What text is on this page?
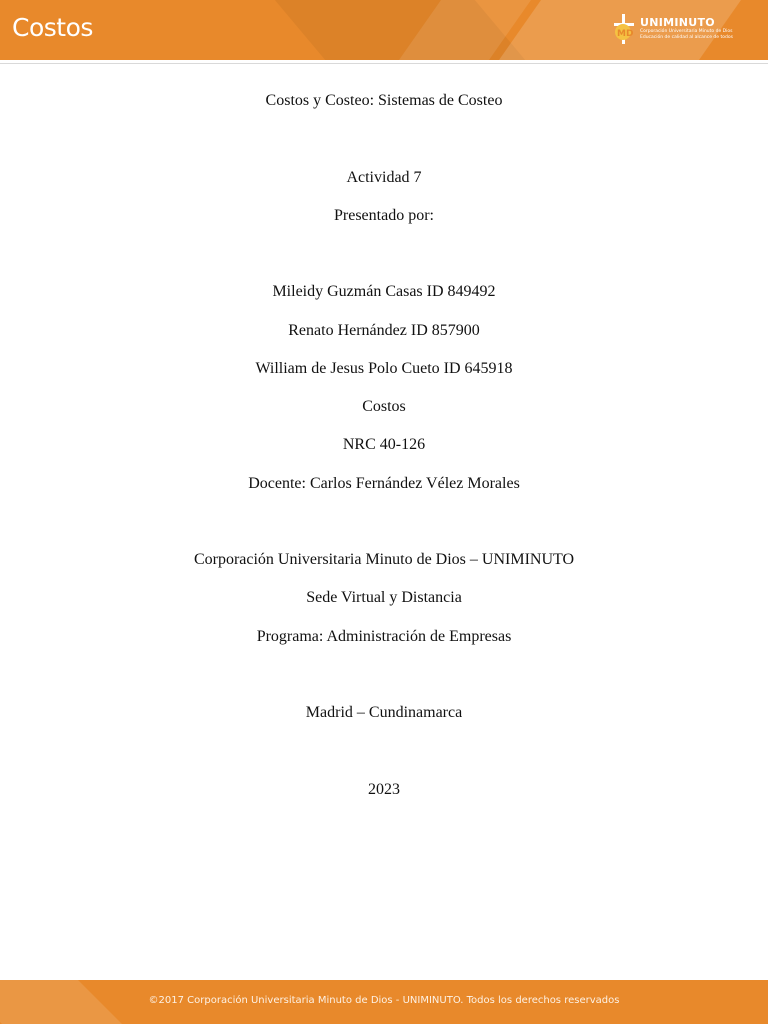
Costos	MD
UNIMINUTO
Corporación Universitaria Minuto de Dios
Educación de calidad al alcance de todos

Costos y Costeo: Sistemas de Costeo

Actividad 7

Presentado por:

Mileidy Guzmán Casas ID 849492

Renato Hernández ID 857900

William de Jesus Polo Cueto ID 645918

Costos

NRC 40-126

Docente: Carlos Fernández Vélez Morales

Corporación Universitaria Minuto de Dios – UNIMINUTO

Sede Virtual y Distancia

Programa: Administración de Empresas

Madrid – Cundinamarca

2023

©2017 Corporación Universitaria Minuto de Dios - UNIMINUTO. Todos los derechos reservados
